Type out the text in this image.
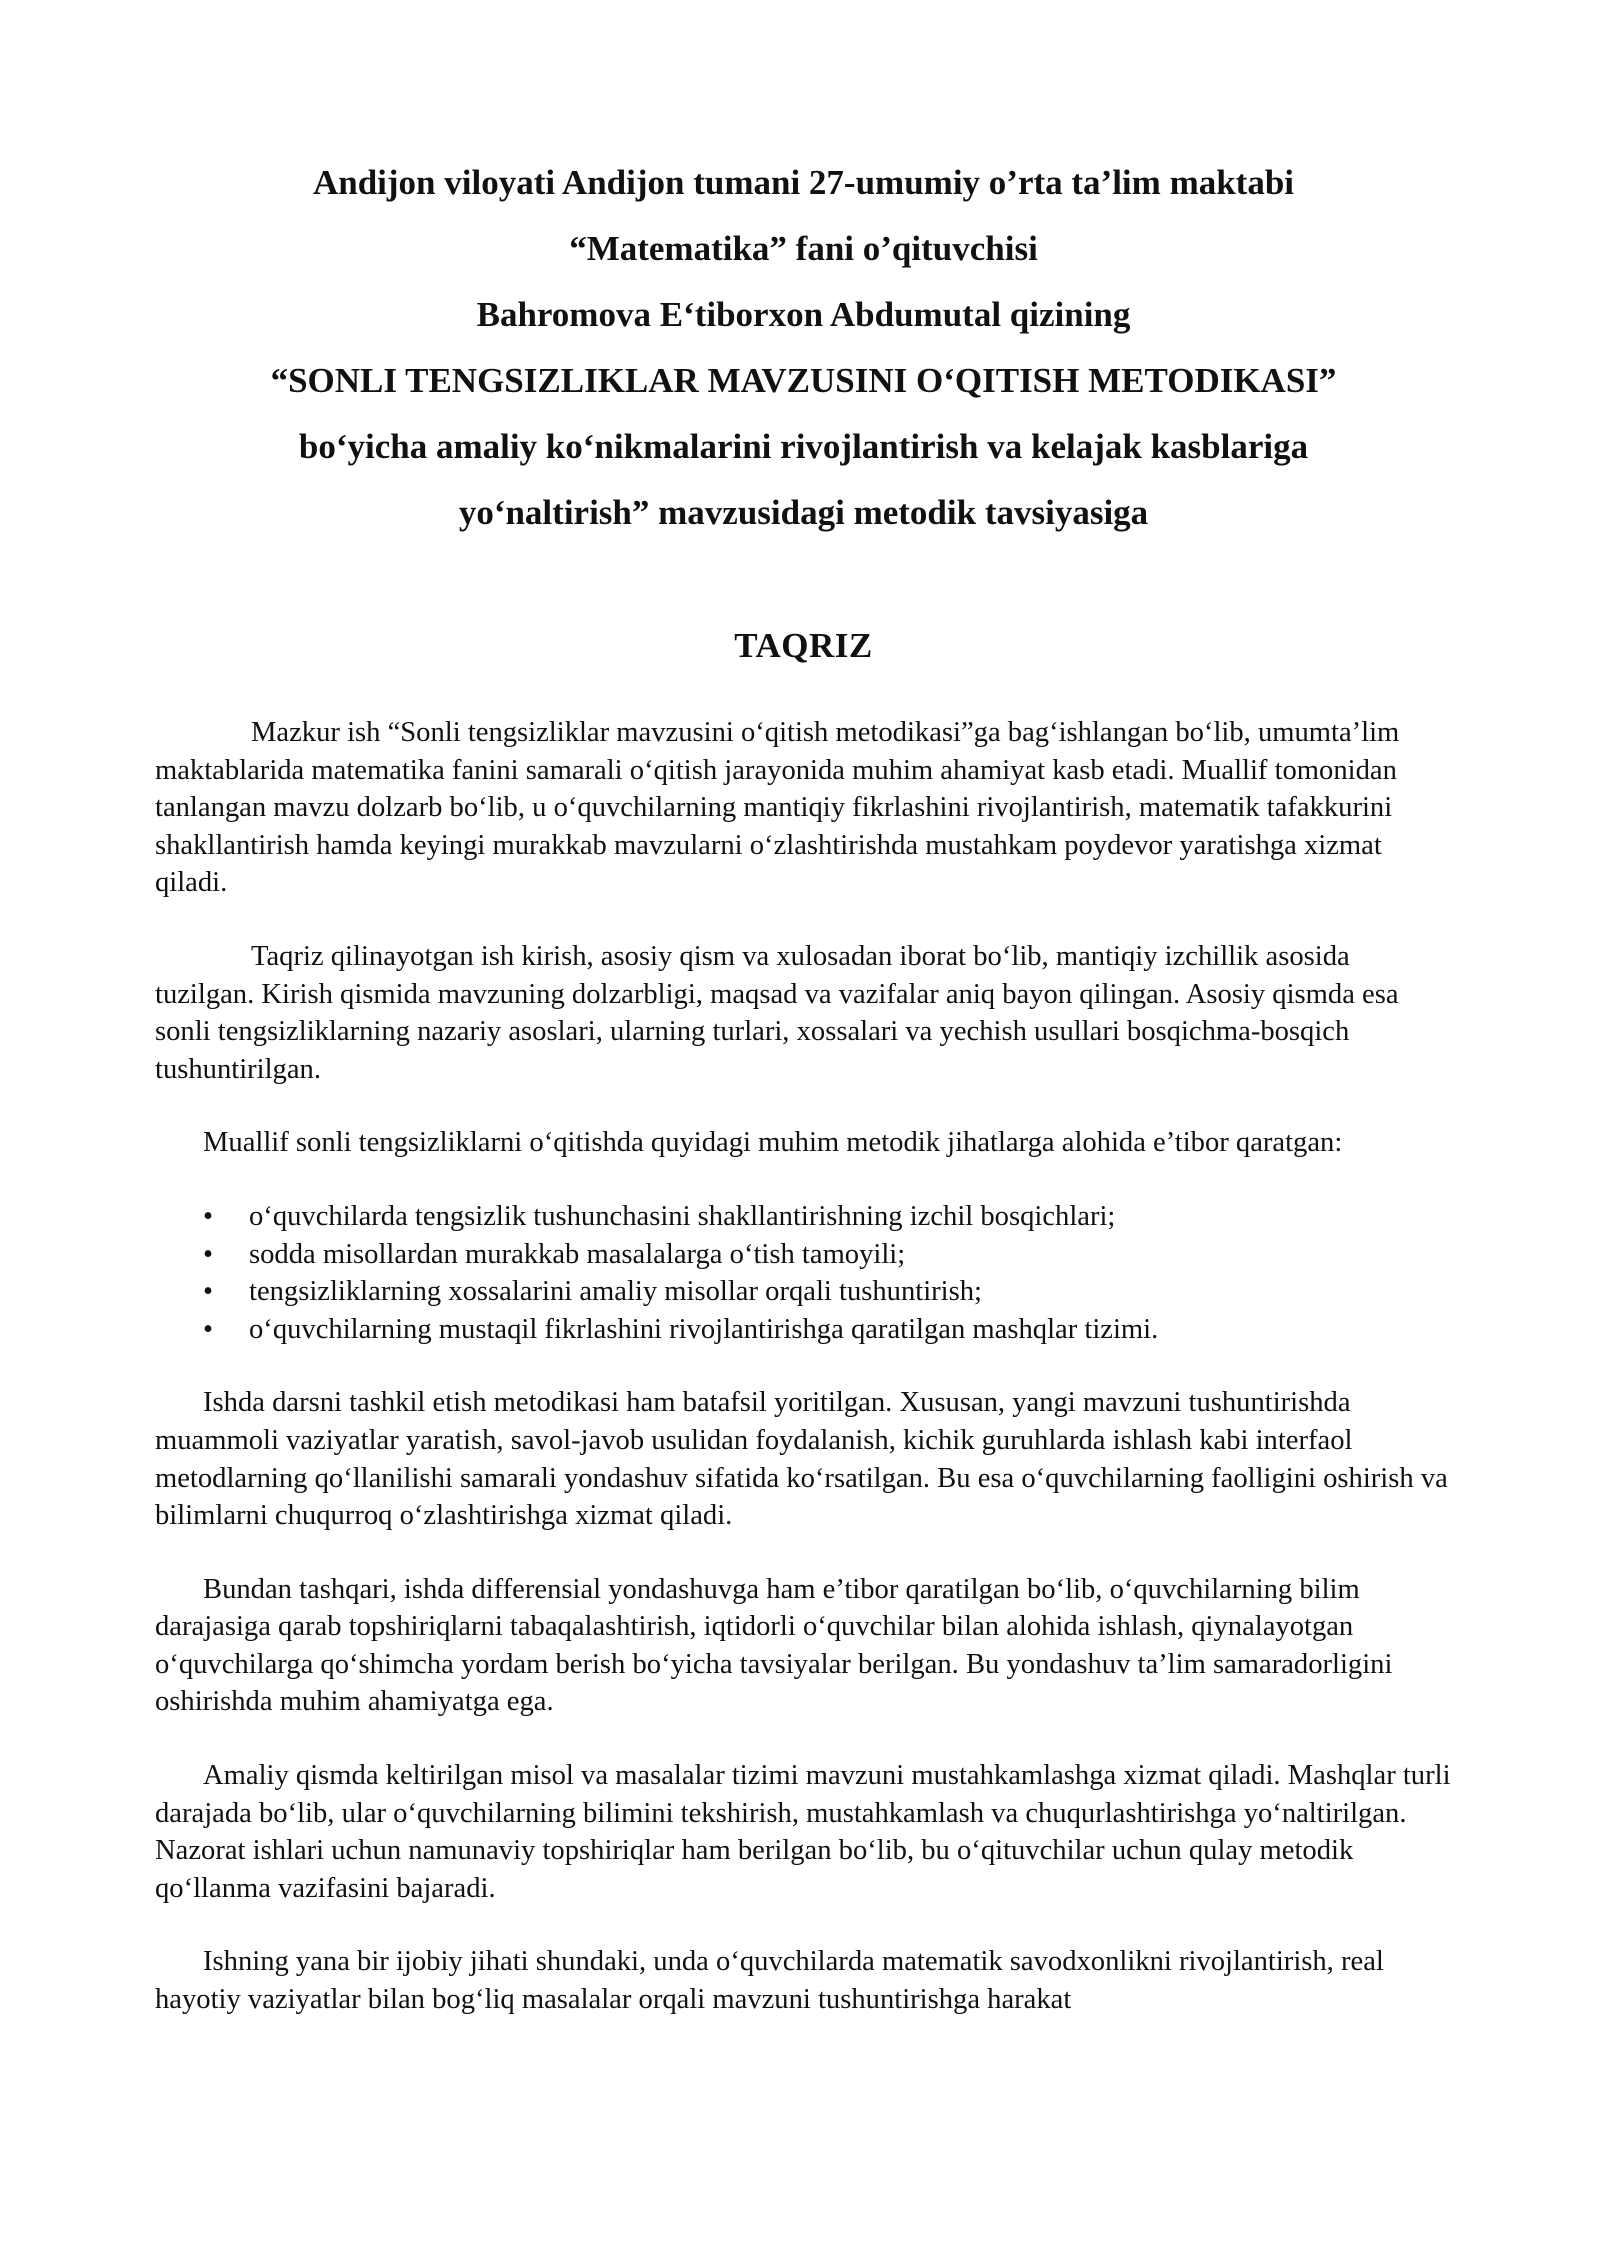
Andijon viloyati Andijon tumani 27-umumiy o’rta ta’lim maktabi

“Matematika” fani o’qituvchisi

Bahromova E‘tiborxon Abdumutal qizining

“SONLI TENGSIZLIKLAR MAVZUSINI O‘QITISH METODIKASI”

bo‘yicha amaliy ko‘nikmalarini rivojlantirish va kelajak kasblariga

yo‘naltirish” mavzusidagi metodik tavsiyasiga

TAQRIZ

Mazkur ish “Sonli tengsizliklar mavzusini o‘qitish metodikasi”ga bag‘ishlangan bo‘lib, umumta’lim maktablarida matematika fanini samarali o‘qitish jarayonida muhim ahamiyat kasb etadi. Muallif tomonidan tanlangan mavzu dolzarb bo‘lib, u o‘quvchilarning mantiqiy fikrlashini rivojlantirish, matematik tafakkurini shakllantirish hamda keyingi murakkab mavzularni o‘zlashtirishda mustahkam poydevor yaratishga xizmat qiladi.

Taqriz qilinayotgan ish kirish, asosiy qism va xulosadan iborat bo‘lib, mantiqiy izchillik asosida tuzilgan. Kirish qismida mavzuning dolzarbligi, maqsad va vazifalar aniq bayon qilingan. Asosiy qismda esa sonli tengsizliklarning nazariy asoslari, ularning turlari, xossalari va yechish usullari bosqichma-bosqich tushuntirilgan.

Muallif sonli tengsizliklarni o‘qitishda quyidagi muhim metodik jihatlarga alohida e’tibor qaratgan:

• o‘quvchilarda tengsizlik tushunchasini shakllantirishning izchil bosqichlari;
• sodda misollardan murakkab masalalarga o‘tish tamoyili;
• tengsizliklarning xossalarini amaliy misollar orqali tushuntirish;
• o‘quvchilarning mustaqil fikrlashini rivojlantirishga qaratilgan mashqlar tizimi.

Ishda darsni tashkil etish metodikasi ham batafsil yoritilgan. Xususan, yangi mavzuni tushuntirishda muammoli vaziyatlar yaratish, savol-javob usulidan foydalanish, kichik guruhlarda ishlash kabi interfaol metodlarning qo‘llanilishi samarali yondashuv sifatida ko‘rsatilgan. Bu esa o‘quvchilarning faolligini oshirish va bilimlarni chuqurroq o‘zlashtirishga xizmat qiladi.

Bundan tashqari, ishda differensial yondashuvga ham e’tibor qaratilgan bo‘lib, o‘quvchilarning bilim darajasiga qarab topshiriqlarni tabaqalashtirish, iqtidorli o‘quvchilar bilan alohida ishlash, qiynalayotgan o‘quvchilarga qo‘shimcha yordam berish bo‘yicha tavsiyalar berilgan. Bu yondashuv ta’lim samaradorligini oshirishda muhim ahamiyatga ega.

Amaliy qismda keltirilgan misol va masalalar tizimi mavzuni mustahkamlashga xizmat qiladi. Mashqlar turli darajada bo‘lib, ular o‘quvchilarning bilimini tekshirish, mustahkamlash va chuqurlashtirishga yo‘naltirilgan. Nazorat ishlari uchun namunaviy topshiriqlar ham berilgan bo‘lib, bu o‘qituvchilar uchun qulay metodik qo‘llanma vazifasini bajaradi.

Ishning yana bir ijobiy jihati shundaki, unda o‘quvchilarda matematik savodxonlikni rivojlantirish, real hayotiy vaziyatlar bilan bog‘liq masalalar orqali mavzuni tushuntirishga harakat
